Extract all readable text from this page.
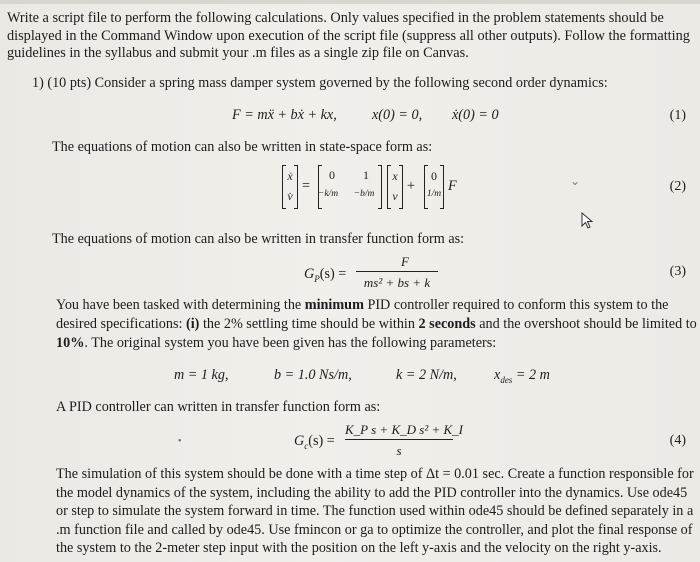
Write a script file to perform the following calculations. Only values specified in the problem statements should be displayed in the Command Window upon execution of the script file (suppress all other outputs). Follow the formatting guidelines in the syllabus and submit your .m files as a single zip file on Canvas.
1) (10 pts) Consider a spring mass damper system governed by the following second order dynamics:
F = mẍ + bẋ + kx, x(0) = 0, ẋ(0) = 0	(1)
The equations of motion can also be written in state-space form as:
ẋ
v̇
=
0	1
−k/m	−b/m
x
v
+
0
1/m F	⌄	(2)
The equations of motion can also be written in transfer function form as:
$G_P(s)$ =
F
ms² + bs + k
(3)
You have been tasked with determining the minimum PID controller required to conform this system to the
desired specifications: (i) the 2% settling time should be within 2 seconds and the overshoot should be limited to
10%. The original system you have been given has the following parameters:
m = 1 kg,	b = 1.0 Ns/m,	k = 2 N/m,	$x_{des} = 2$ m
A PID controller can written in transfer function form as:
•	$G_c(s)$ =
K_P s + K_D s² + K_I
s
(4)
The simulation of this system should be done with a time step of Δt = 0.01 sec. Create a function responsible for
the model dynamics of the system, including the ability to add the PID controller into the dynamics. Use ode45
or step to simulate the system forward in time. The function used within ode45 should be defined separately in a
.m function file and called by ode45. Use fmincon or ga to optimize the controller, and plot the final response of
the system to the 2-meter step input with the position on the left y-axis and the velocity on the right y-axis.
